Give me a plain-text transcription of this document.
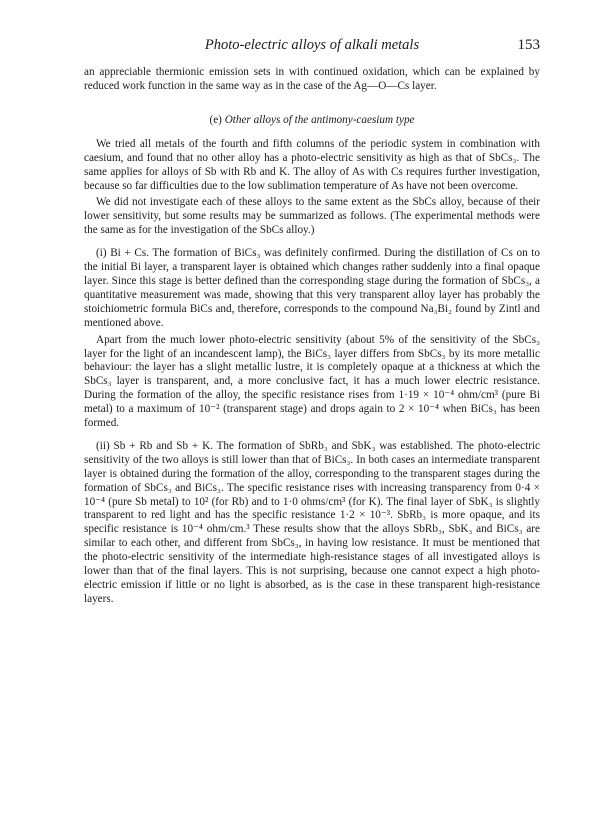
Photo-electric alloys of alkali metals	153

an appreciable thermionic emission sets in with continued oxidation, which can be explained by reduced work function in the same way as in the case of the Ag—O—Cs layer.

(e) Other alloys of the antimony-caesium type

We tried all metals of the fourth and fifth columns of the periodic system in combination with caesium, and found that no other alloy has a photo-electric sensitivity as high as that of SbCs₃. The same applies for alloys of Sb with Rb and K. The alloy of As with Cs requires further investigation, because so far difficulties due to the low sublimation temperature of As have not been overcome.

We did not investigate each of these alloys to the same extent as the SbCs alloy, because of their lower sensitivity, but some results may be summarized as follows. (The experimental methods were the same as for the investigation of the SbCs alloy.)

(i) Bi + Cs. The formation of BiCs₃ was definitely confirmed. During the distillation of Cs on to the initial Bi layer, a transparent layer is obtained which changes rather suddenly into a final opaque layer. Since this stage is better defined than the corresponding stage during the formation of SbCs₃, a quantitative measurement was made, showing that this very transparent alloy layer has probably the stoichiometric formula BiCs and, therefore, corresponds to the compound Na₃Bi₂ found by Zintl and mentioned above.

Apart from the much lower photo-electric sensitivity (about 5% of the sensitivity of the SbCs₃ layer for the light of an incandescent lamp), the BiCs₃ layer differs from SbCs₃ by its more metallic behaviour: the layer has a slight metallic lustre, it is completely opaque at a thickness at which the SbCs₃ layer is transparent, and, a more conclusive fact, it has a much lower electric resistance. During the formation of the alloy, the specific resistance rises from 1·19 × 10⁻⁴ ohm/cm³ (pure Bi metal) to a maximum of 10⁻² (transparent stage) and drops again to 2 × 10⁻⁴ when BiCs₃ has been formed.

(ii) Sb + Rb and Sb + K. The formation of SbRb₃ and SbK₃ was established. The photo-electric sensitivity of the two alloys is still lower than that of BiCs₃. In both cases an intermediate transparent layer is obtained during the formation of the alloy, corresponding to the transparent stages during the formation of SbCs₃ and BiCs₃. The specific resistance rises with increasing transparency from 0·4 × 10⁻⁴ (pure Sb metal) to 10² (for Rb) and to 1·0 ohms/cm³ (for K). The final layer of SbK₃ is slightly transparent to red light and has the specific resistance 1·2 × 10⁻³. SbRb₃ is more opaque, and its specific resistance is 10⁻⁴ ohm/cm.³ These results show that the alloys SbRb₃, SbK₃ and BiCs₃ are similar to each other, and different from SbCs₃, in having low resistance. It must be mentioned that the photo-electric sensitivity of the intermediate high-resistance stages of all investigated alloys is lower than that of the final layers. This is not surprising, because one cannot expect a high photo-electric emission if little or no light is absorbed, as is the case in these transparent high-resistance layers.
